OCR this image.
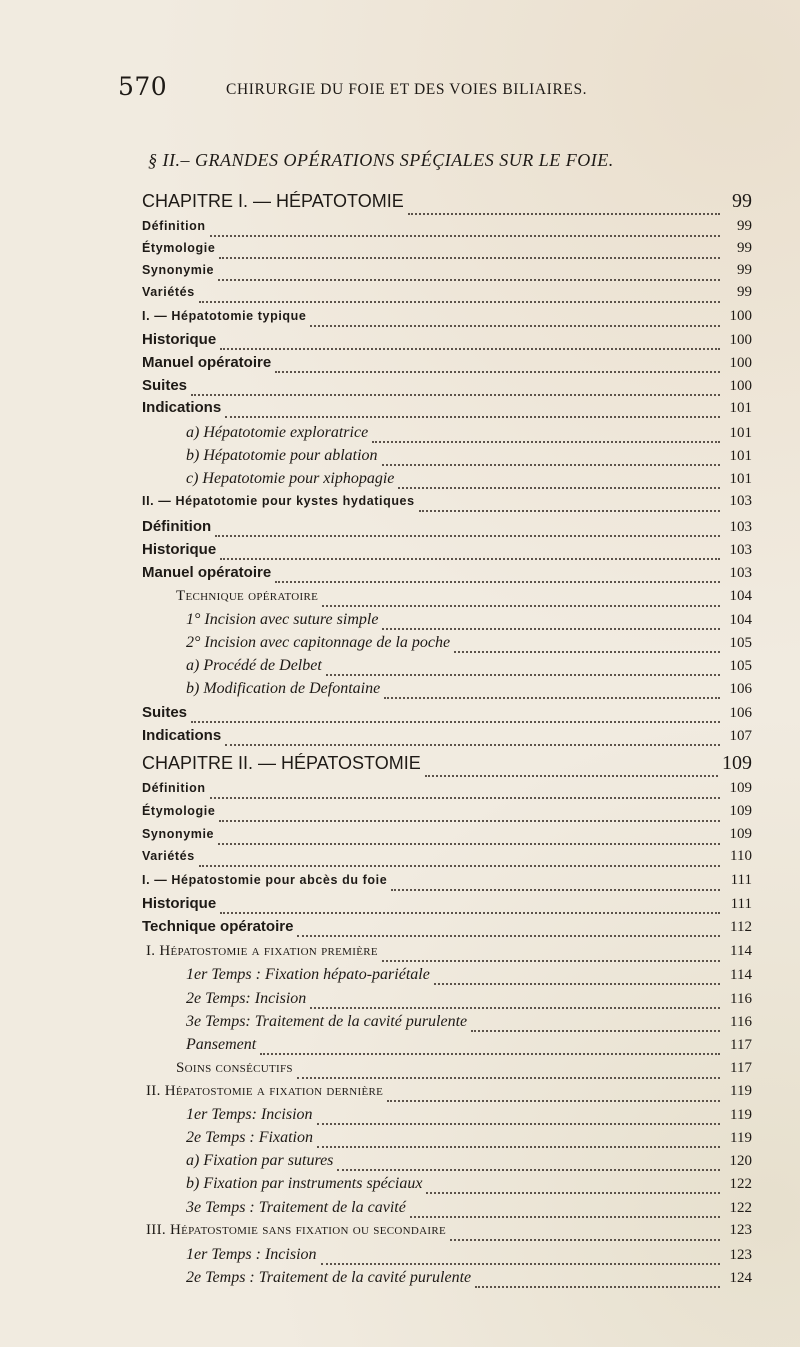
570	CHIRURGIE DU FOIE ET DES VOIES BILIAIRES.
§ II.– GRANDES OPÉRATIONS SPÉÇIALES SUR LE FOIE.
CHAPITRE I. — HÉPATOTOMIE	99
Définition	99
Étymologie	99
Synonymie	99
Variétés	99
I. — Hépatotomie typique	100
Historique	100
Manuel opératoire	100
Suites	100
Indications	101
a) Hépatotomie exploratrice	101
b) Hépatotomie pour ablation	101
c) Hepatotomie pour xiphopagie	101
II. — Hépatotomie pour kystes hydatiques	103
Définition	103
Historique	103
Manuel opératoire	103
Technique opératoire	104
1° Incision avec suture simple	104
2° Incision avec capitonnage de la poche	105
a) Procédé de Delbet	105
b) Modification de Defontaine	106
Suites	106
Indications	107
CHAPITRE II. — HÉPATOSTOMIE	109
Définition	109
Étymologie	109
Synonymie	109
Variétés	110
I. — Hépatostomie pour abcès du foie	111
Historique	111
Technique opératoire	112
I. Hépatostomie a fixation première	114
1er Temps : Fixation hépato-pariétale	114
2e Temps: Incision	116
3e Temps: Traitement de la cavité purulente	116
Pansement	117
Soins consécutifs	117
II. Hépatostomie a fixation dernière	119
1er Temps: Incision	119
2e Temps : Fixation	119
a) Fixation par sutures	120
b) Fixation par instruments spéciaux	122
3e Temps : Traitement de la cavité	122
III. Hépatostomie sans fixation ou secondaire	123
1er Temps : Incision	123
2e Temps : Traitement de la cavité purulente	124
